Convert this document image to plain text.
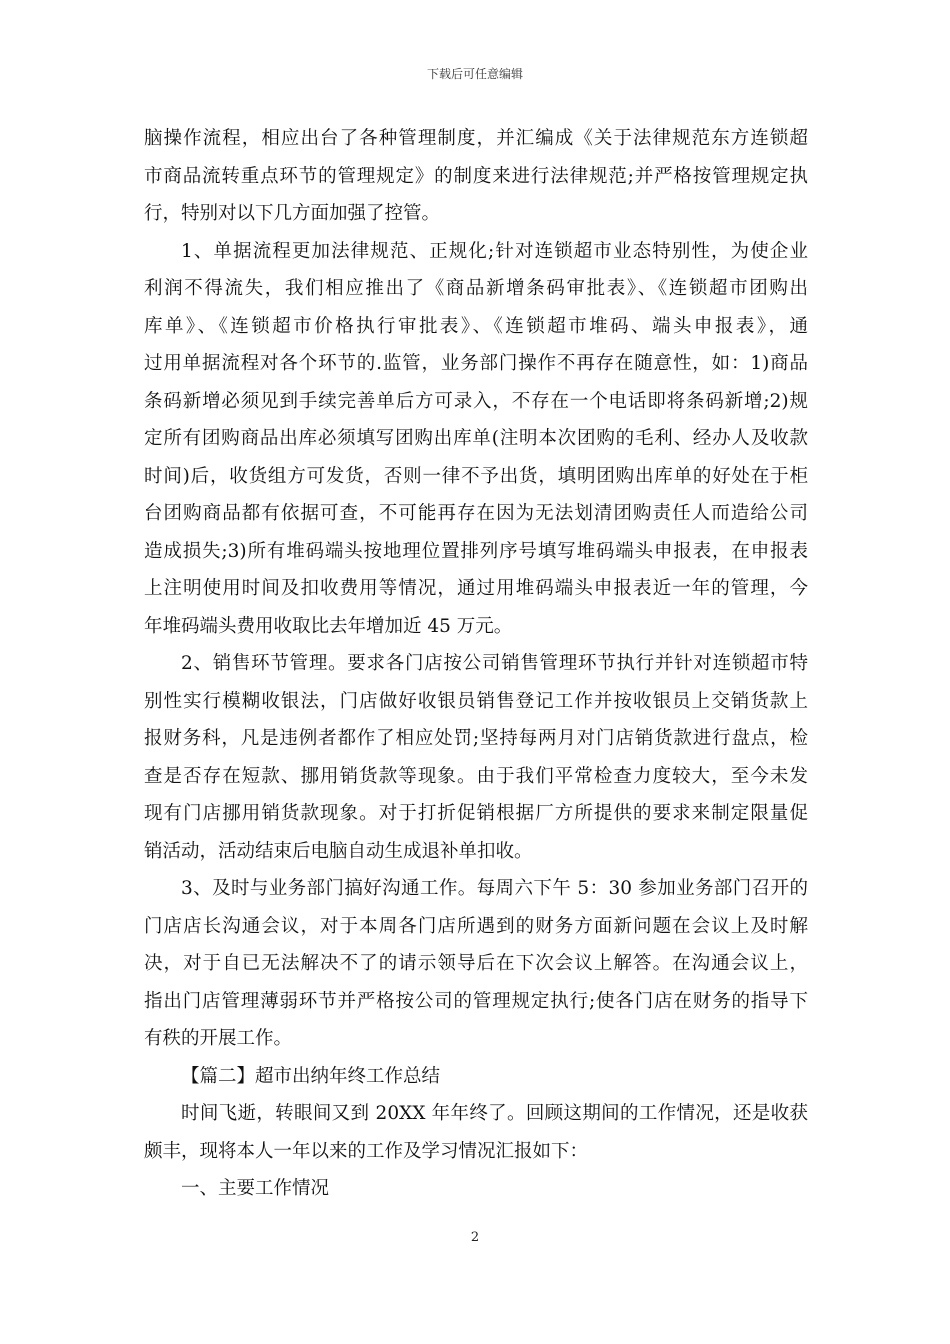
下载后可任意编辑
脑操作流程，相应出台了各种管理制度，并汇编成《关于法律规范东方连锁超
市商品流转重点环节的管理规定》的制度来进行法律规范;并严格按管理规定执
行，特别对以下几方面加强了控管。
1、单据流程更加法律规范、正规化;针对连锁超市业态特别性，为使企业
利润不得流失，我们相应推出了《商品新增条码审批表》、《连锁超市团购出
库单》、《连锁超市价格执行审批表》、《连锁超市堆码、端头申报表》，通
过用单据流程对各个环节的.监管，业务部门操作不再存在随意性，如：1)商品
条码新增必须见到手续完善单后方可录入，不存在一个电话即将条码新增;2)规
定所有团购商品出库必须填写团购出库单(注明本次团购的毛利、经办人及收款
时间)后，收货组方可发货，否则一律不予出货，填明团购出库单的好处在于柜
台团购商品都有依据可查，不可能再存在因为无法划清团购责任人而造给公司
造成损失;3)所有堆码端头按地理位置排列序号填写堆码端头申报表，在申报表
上注明使用时间及扣收费用等情况，通过用堆码端头申报表近一年的管理，今
年堆码端头费用收取比去年增加近 45 万元。
2、销售环节管理。要求各门店按公司销售管理环节执行并针对连锁超市特
别性实行模糊收银法，门店做好收银员销售登记工作并按收银员上交销货款上
报财务科，凡是违例者都作了相应处罚;坚持每两月对门店销货款进行盘点，检
查是否存在短款、挪用销货款等现象。由于我们平常检查力度较大，至今未发
现有门店挪用销货款现象。对于打折促销根据厂方所提供的要求来制定限量促
销活动，活动结束后电脑自动生成退补单扣收。
3、及时与业务部门搞好沟通工作。每周六下午 5：30 参加业务部门召开的
门店店长沟通会议，对于本周各门店所遇到的财务方面新问题在会议上及时解
决，对于自已无法解决不了的请示领导后在下次会议上解答。在沟通会议上，
指出门店管理薄弱环节并严格按公司的管理规定执行;使各门店在财务的指导下
有秩的开展工作。
【篇二】超市出纳年终工作总结
时间飞逝，转眼间又到 20XX 年年终了。回顾这期间的工作情况，还是收获
颇丰，现将本人一年以来的工作及学习情况汇报如下：
一、主要工作情况
2
